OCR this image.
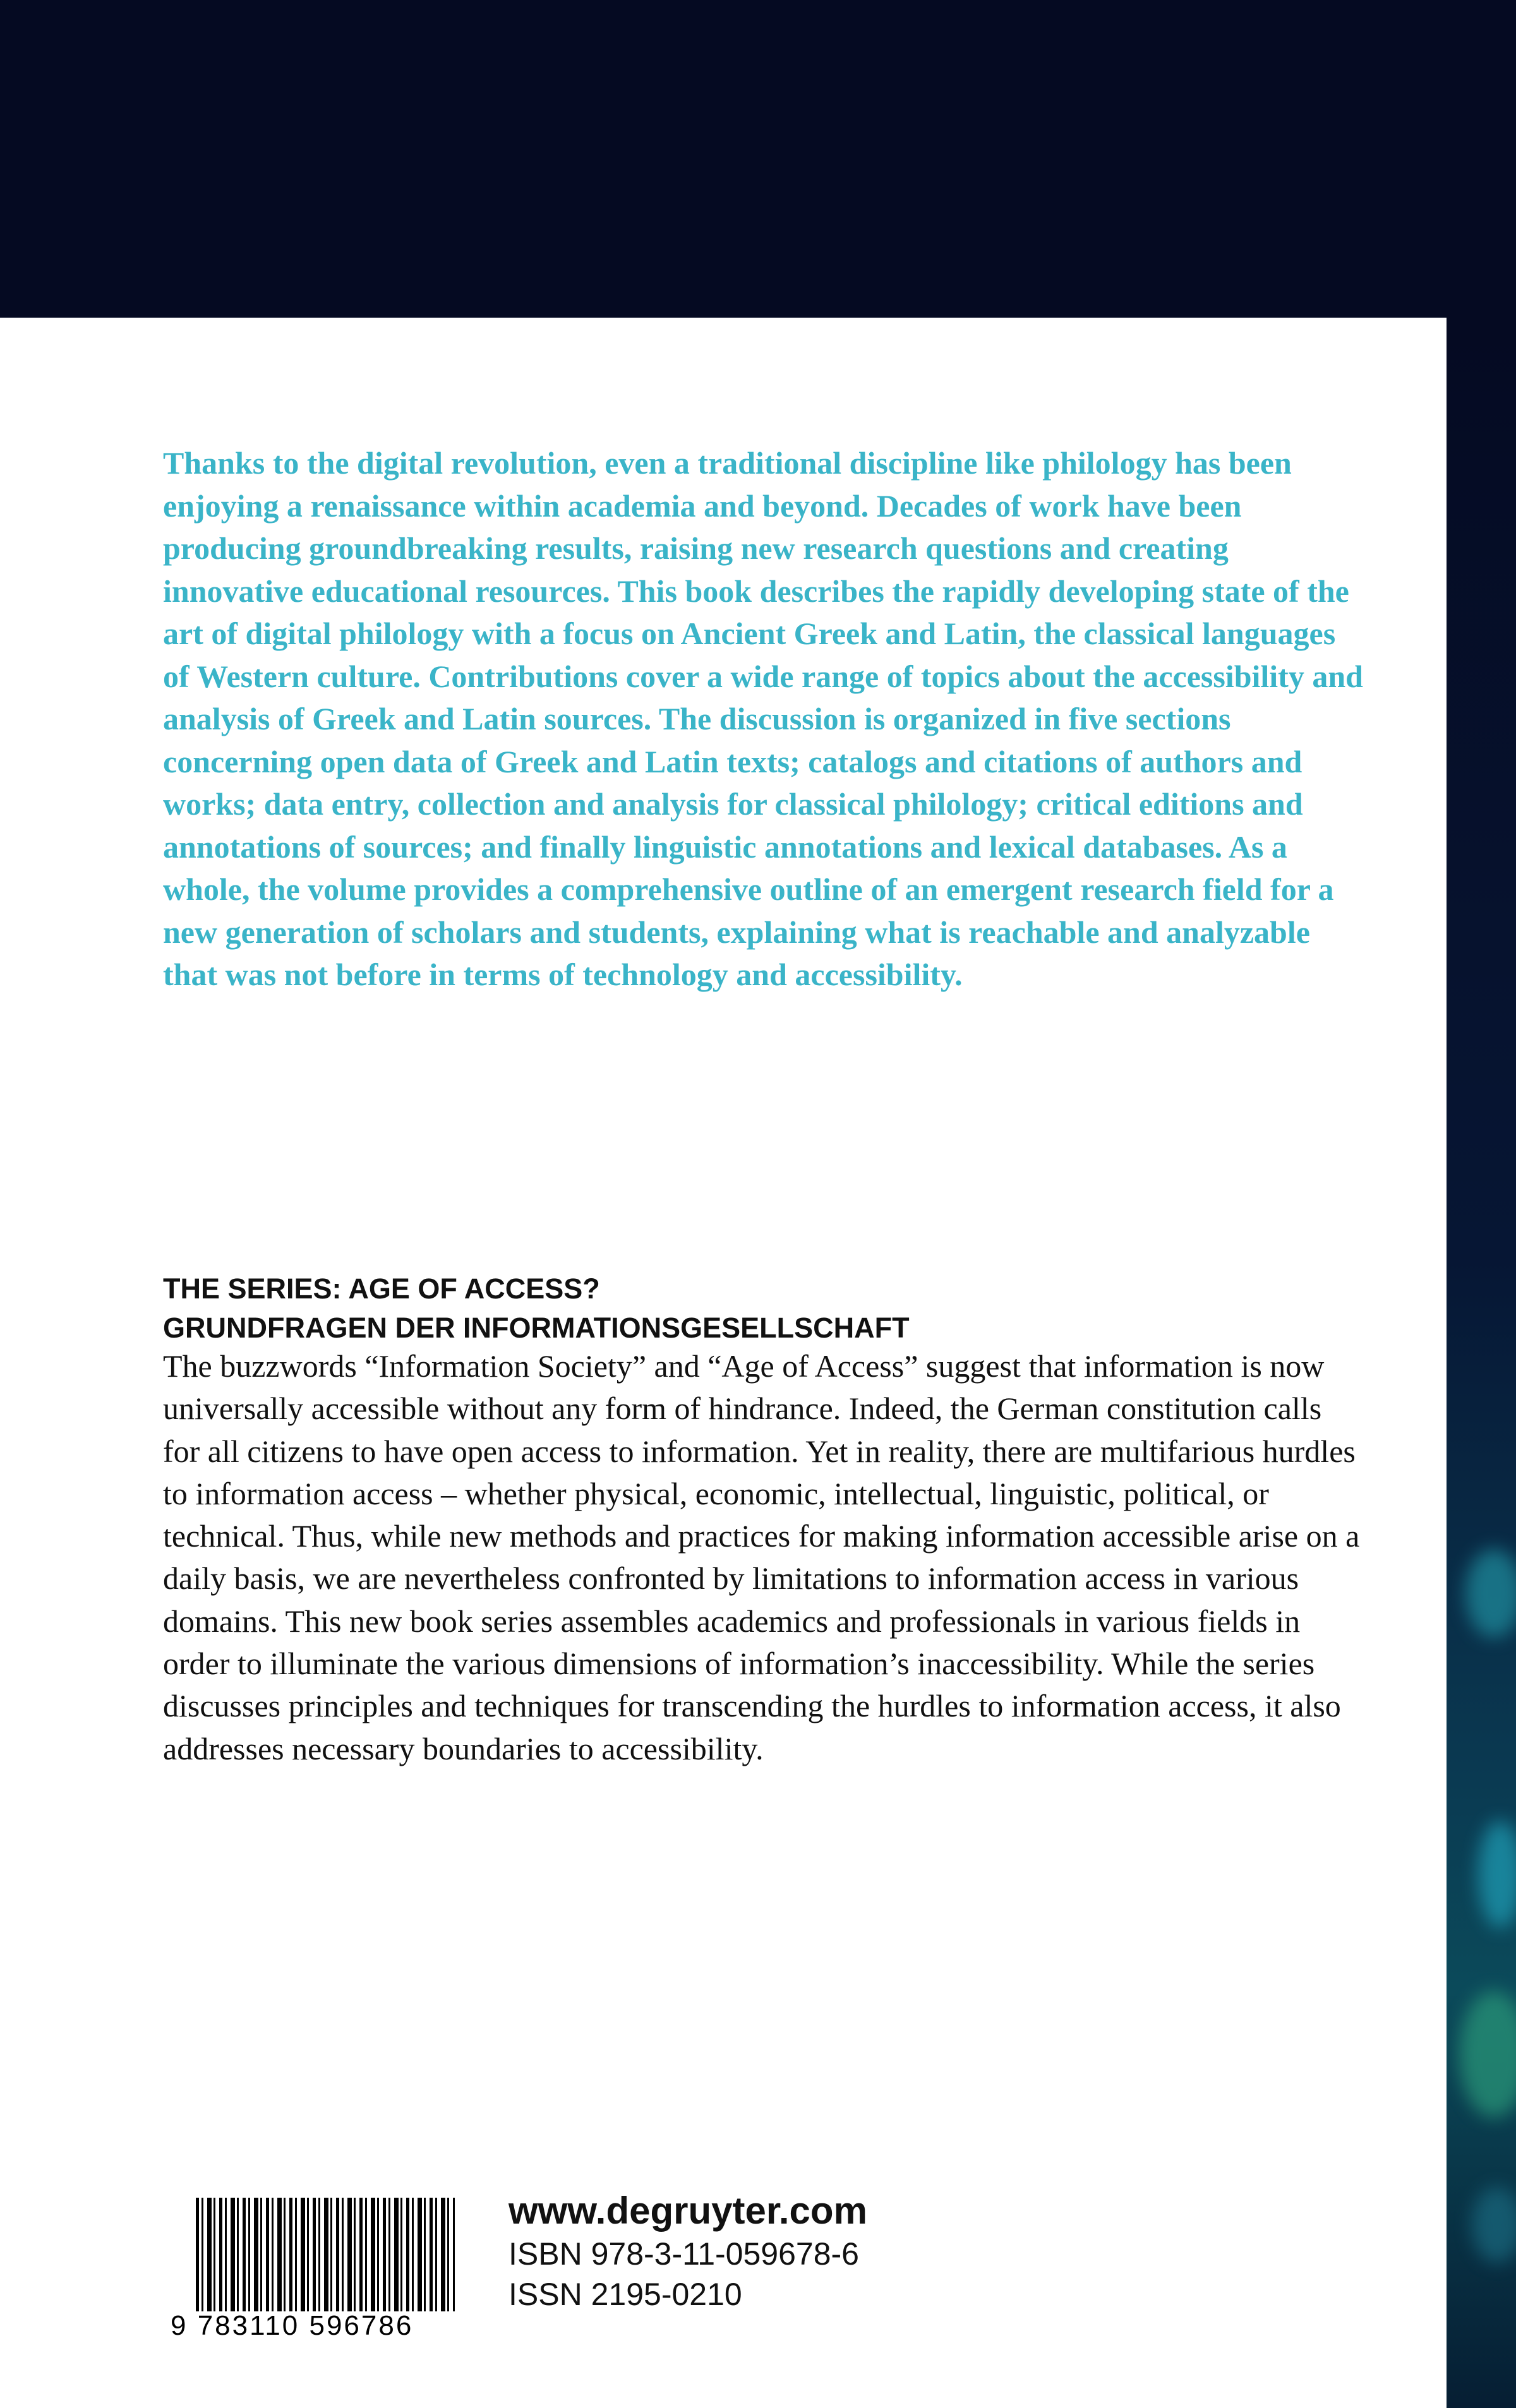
Thanks to the digital revolution, even a traditional discipline like philology has been enjoying a renaissance within academia and beyond. Decades of work have been producing groundbreaking results, raising new research questions and creating innovative educational resources. This book describes the rapidly developing state of the art of digital philology with a focus on Ancient Greek and Latin, the classical languages of Western culture. Contributions cover a wide range of topics about the accessibility and analysis of Greek and Latin sources. The discussion is organized in five sections concerning open data of Greek and Latin texts; catalogs and citations of authors and works; data entry, collection and analysis for classical philology; critical editions and annotations of sources; and finally linguistic annotations and lexical databases. As a whole, the volume provides a comprehensive outline of an emergent research field for a new generation of scholars and students, explaining what is reachable and analyzable that was not before in terms of technology and accessibility.

THE SERIES: AGE OF ACCESS?
GRUNDFRAGEN DER INFORMATIONSGESELLSCHAFT

The buzzwords “Information Society” and “Age of Access” suggest that information is now universally accessible without any form of hindrance. Indeed, the German constitution calls for all citizens to have open access to information. Yet in reality, there are multifarious hurdles to information access – whether physical, economic, intellectual, linguistic, political, or technical. Thus, while new methods and practices for making information accessible arise on a daily basis, we are nevertheless confronted by limitations to information access in various domains. This new book series assembles academics and professionals in various fields in order to illuminate the various dimensions of information’s inaccessibility. While the series discusses principles and techniques for transcending the hurdles to information access, it also addresses necessary boundaries to accessibility.

9 783110 596786
www.degruyter.com
ISBN 978-3-11-059678-6
ISSN 2195-0210
